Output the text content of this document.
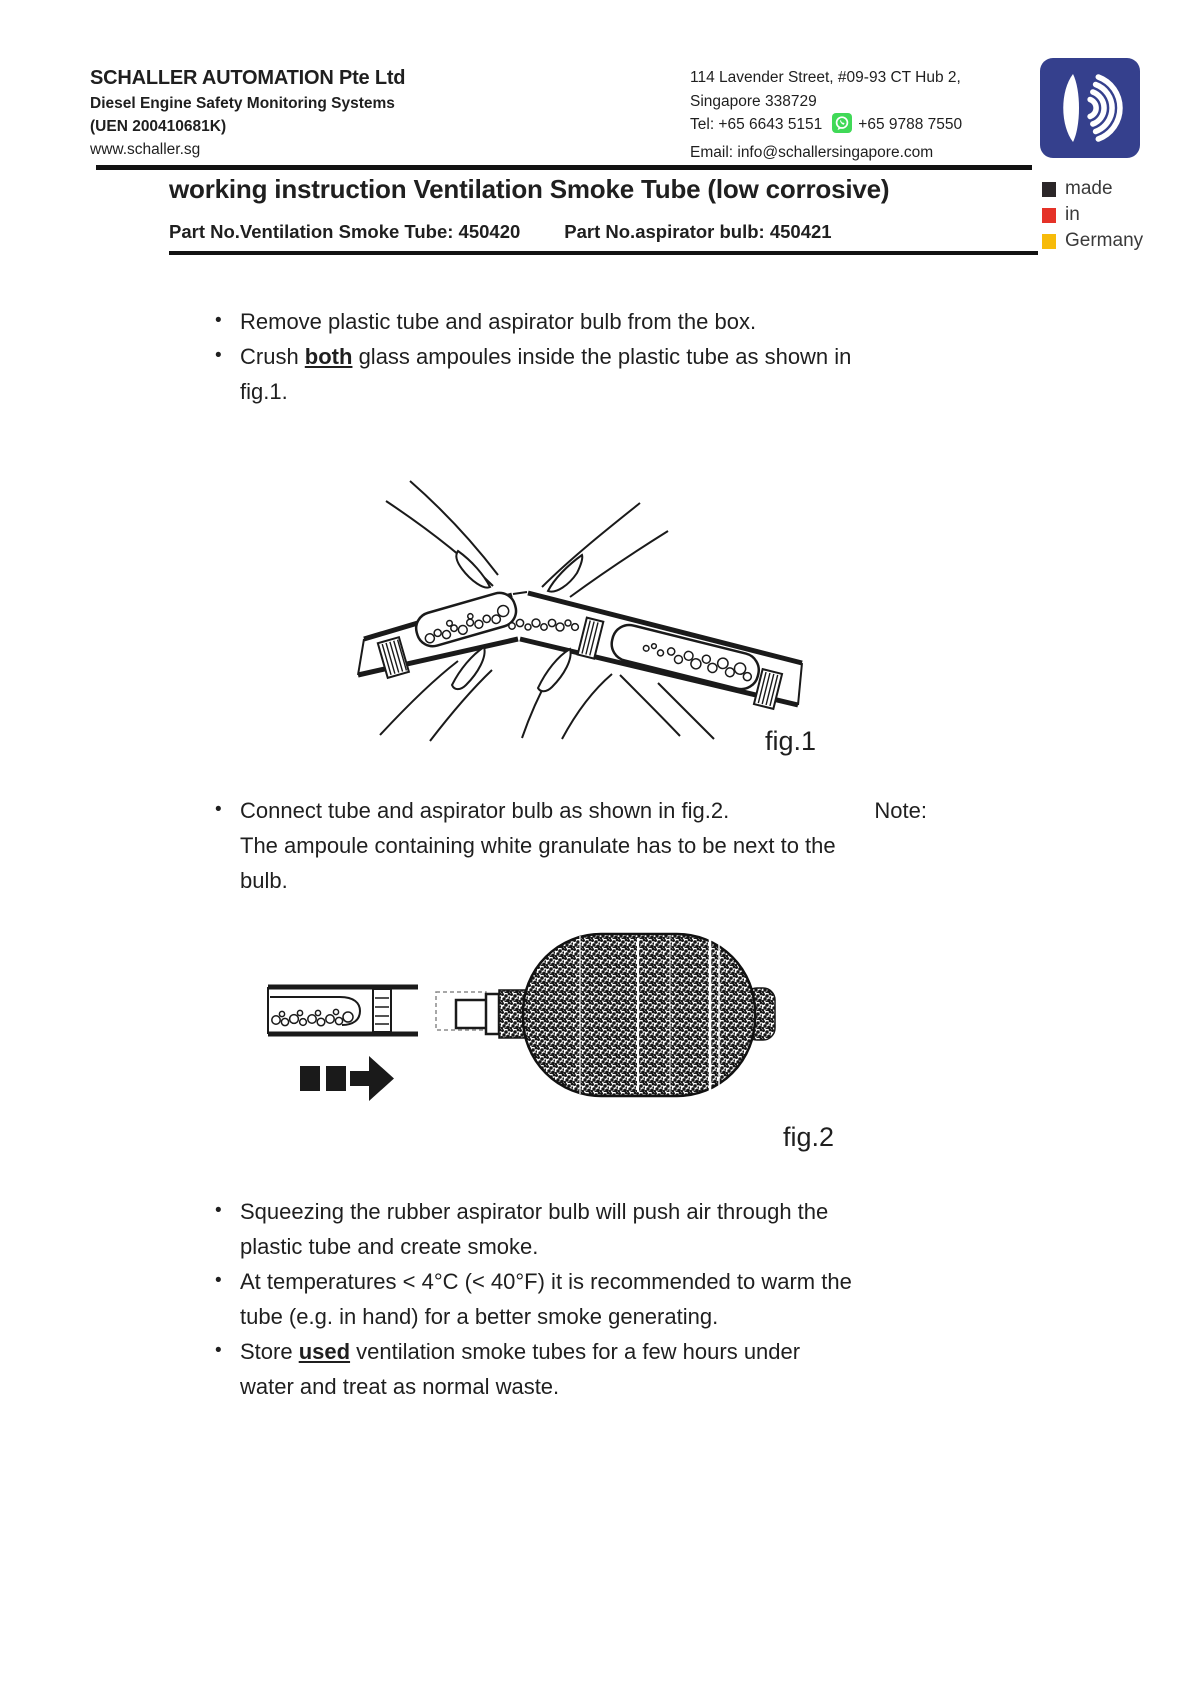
SCHALLER AUTOMATION Pte Ltd
Diesel Engine Safety Monitoring Systems
(UEN 200410681K)
www.schaller.sg
114 Lavender Street, #09-93 CT Hub 2,
Singapore 338729
Tel: +65 6643 5151 +65 9788 7550
Email: info@schallersingapore.com
working instruction Ventilation Smoke Tube (low corrosive)
Part No.Ventilation Smoke Tube: 450420 Part No.aspirator bulb: 450421
made
in
Germany
• Remove plastic tube and aspirator bulb from the box.
• Crush both glass ampoules inside the plastic tube as shown in
fig.1.
fig.1
• Connect tube and aspirator bulb as shown in fig.2.	Note:
The ampoule containing white granulate has to be next to the
bulb.
fig.2
• Squeezing the rubber aspirator bulb will push air through the
plastic tube and create smoke.
• At temperatures < 4°C (< 40°F) it is recommended to warm the
tube (e.g. in hand) for a better smoke generating.
• Store used ventilation smoke tubes for a few hours under
water and treat as normal waste.
